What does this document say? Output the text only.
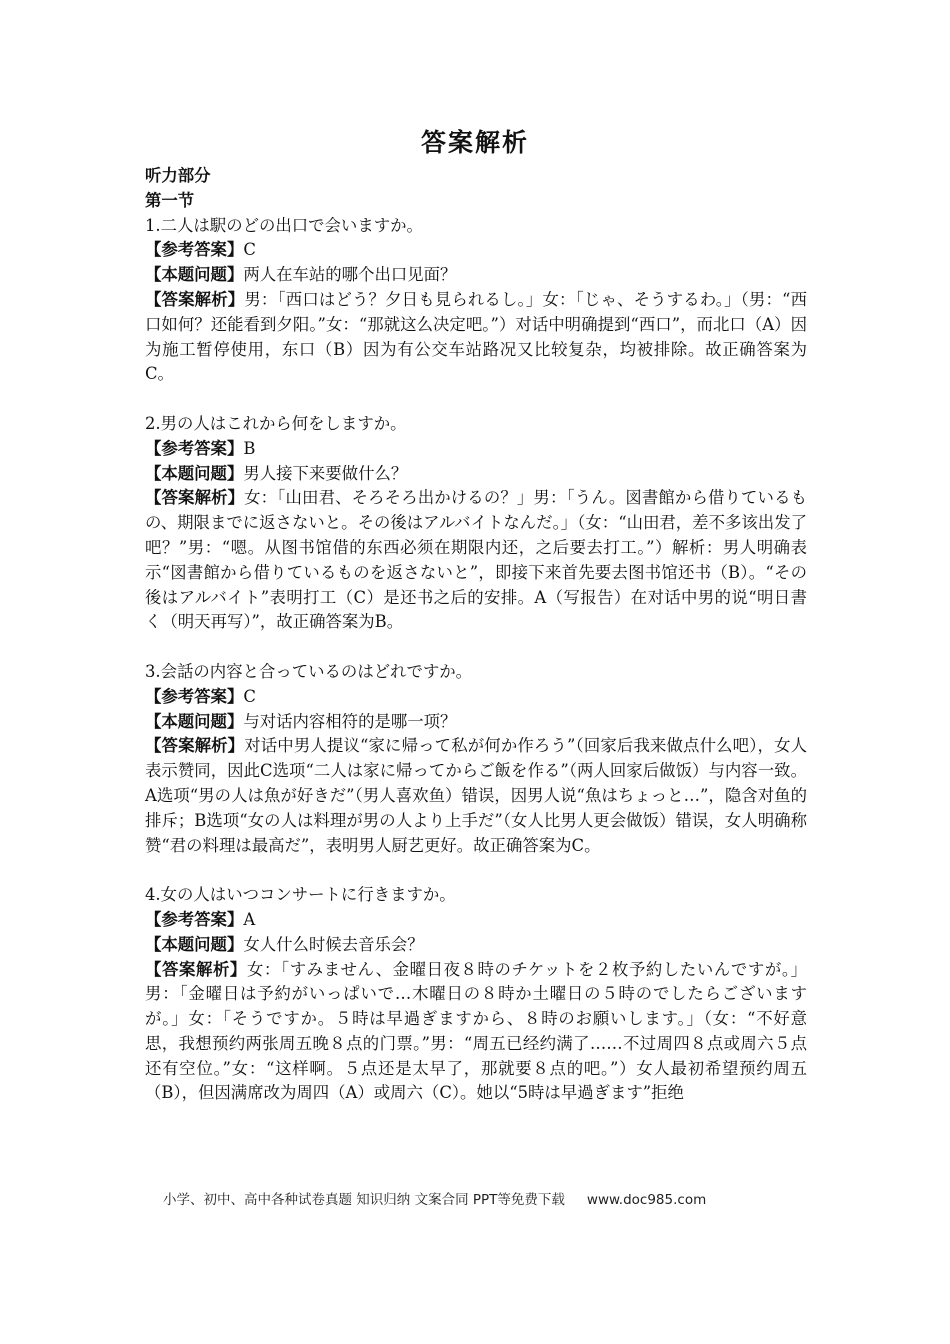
答案解析
听力部分
第一节
1.二人は駅のどの出口で会いますか。
【参考答案】C
【本题问题】两人在车站的哪个出口见面？
【答案解析】男：「西口はどう？夕日も見られるし。」女：「じゃ、そうするわ。」（男：“西口如何？还能看到夕阳。”女：“那就这么决定吧。”）对话中明确提到“西口”，而北口（A）因为施工暂停使用，东口（B）因为有公交车站路况又比较复杂，均被排除。故正确答案为C。
2.男の人はこれから何をしますか。
【参考答案】B
【本题问题】男人接下来要做什么？
【答案解析】女：「山田君、そろそろ出かけるの？」男：「うん。図書館から借りているもの、期限までに返さないと。その後はアルバイトなんだ。」（女：“山田君，差不多该出发了吧？”男：“嗯。从图书馆借的东西必须在期限内还，之后要去打工。”）解析：男人明确表示“図書館から借りているものを返さないと”，即接下来首先要去图书馆还书（B）。“その後はアルバイト”表明打工（C）是还书之后的安排。A（写报告）在对话中男的说“明日書く（明天再写）”，故正确答案为B。
3.会話の内容と合っているのはどれですか。
【参考答案】C
【本题问题】与对话内容相符的是哪一项？
【答案解析】对话中男人提议“家に帰って私が何か作ろう”（回家后我来做点什么吧），女人表示赞同，因此C选项“二人は家に帰ってからご飯を作る”（两人回家后做饭）与内容一致。A选项“男の人は魚が好きだ”（男人喜欢鱼）错误，因男人说“魚はちょっと…”，隐含对鱼的排斥；B选项“女の人は料理が男の人より上手だ”（女人比男人更会做饭）错误，女人明确称赞“君の料理は最高だ”，表明男人厨艺更好。故正确答案为C。
4.女の人はいつコンサートに行きますか。
【参考答案】A
【本题问题】女人什么时候去音乐会？
【答案解析】女：「すみません、金曜日夜８時のチケットを２枚予約したいんですが。」男：「金曜日は予約がいっぱいで…木曜日の８時か土曜日の５時のでしたらございますが。」女：「そうですか。５時は早過ぎますから、８時のお願いします。」（女：“不好意思，我想预约两张周五晚８点的门票。”男：“周五已经约满了……不过周四８点或周六５点还有空位。”女：“这样啊。５点还是太早了，那就要８点的吧。”）女人最初希望预约周五（B），但因满席改为周四（A）或周六（C）。她以“5時は早過ぎます”拒绝
小学、初中、高中各种试卷真题 知识归纳 文案合同 PPT等免费下载 www.doc985.com
